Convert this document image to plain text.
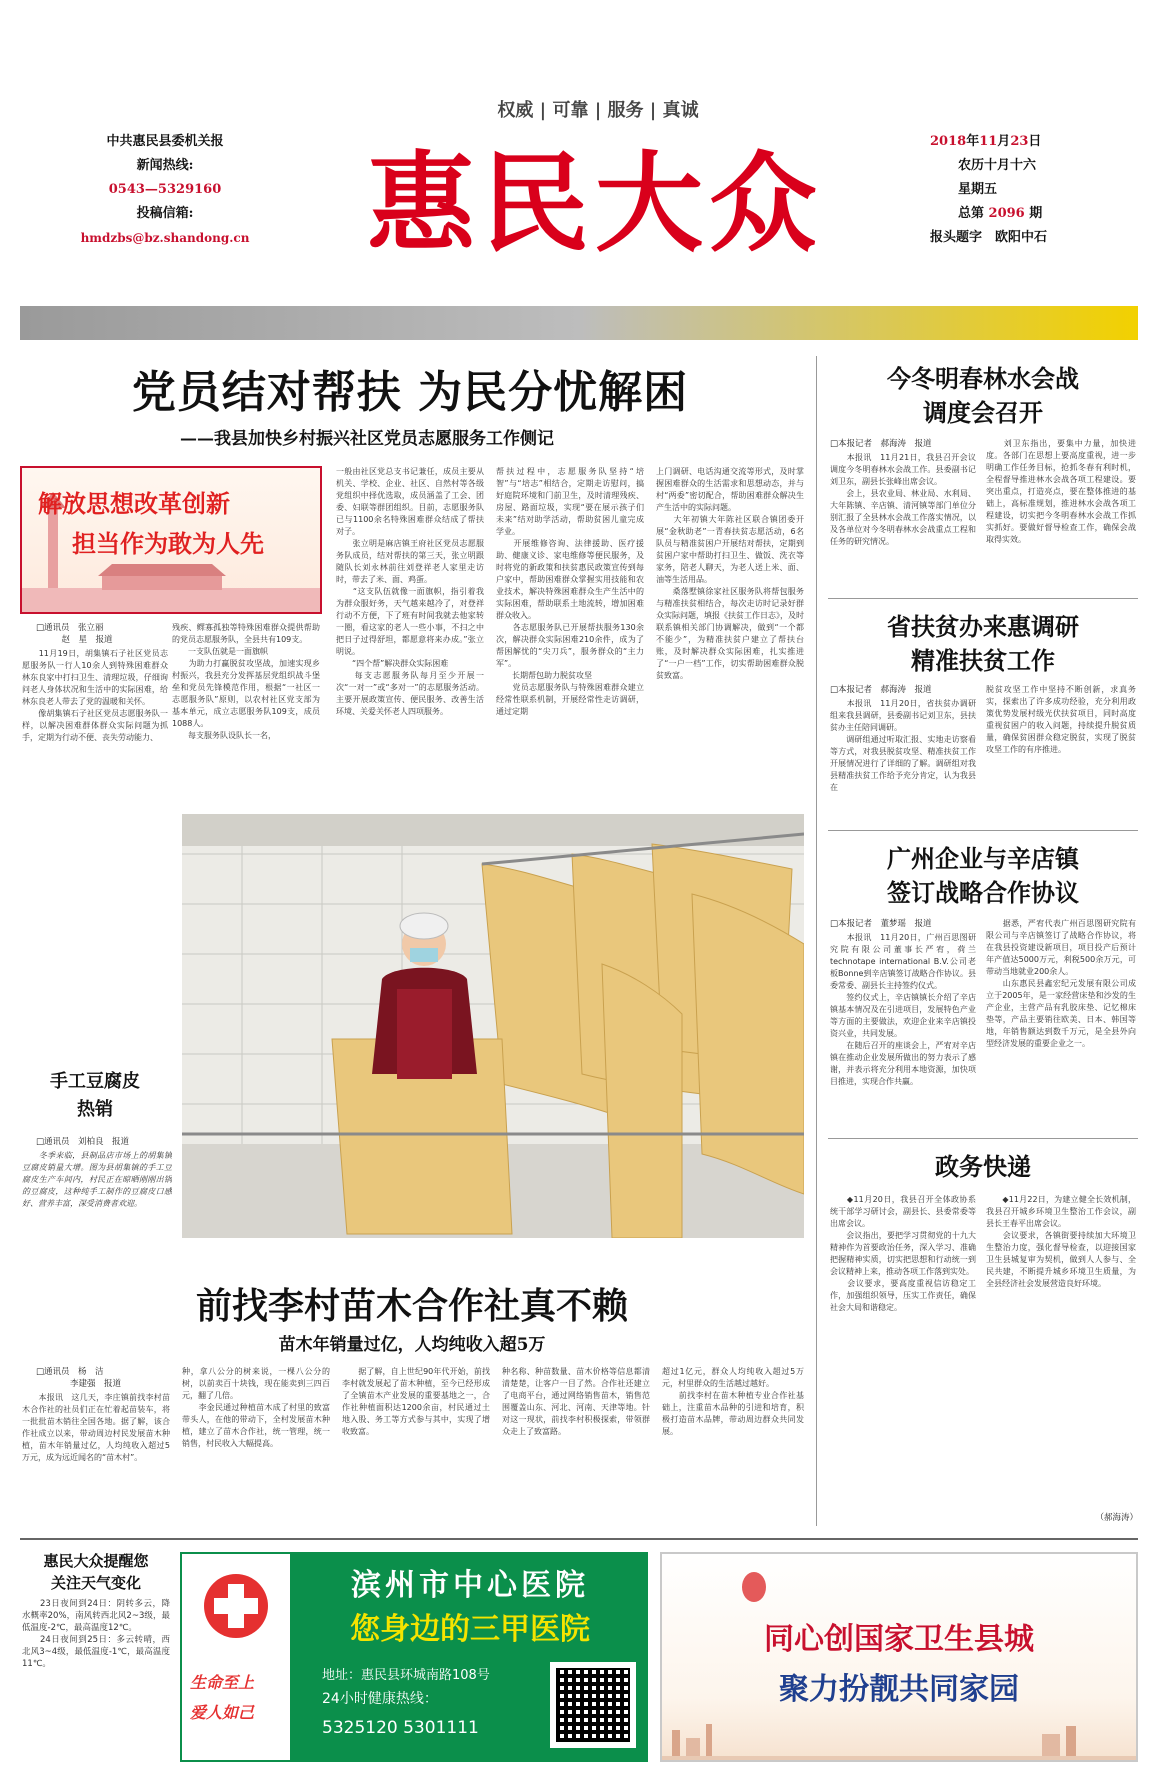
权威 | 可靠 | 服务 | 真诚
中共惠民县委机关报
新闻热线:
0543—5329160
投稿信箱:
hmdzbs@bz.shandong.cn 惠民大众	2018年11月23日
农历十月十六
星期五
总第 2096 期
报头题字　欧阳中石
党员结对帮扶 为民分忧解困
——我县加快乡村振兴社区党员志愿服务工作侧记
解放思想改革创新
担当作为敢为人先
□通讯员　张立丽
　　　赵　星　报道
　　11月19日，胡集镇石子社区党员志愿服务队一行人10余人到特殊困难群众林东良家中打扫卫生、清理垃圾，仔细询问老人身体状况和生活中的实际困难，给林东良老人带去了党的温暖和关怀。
　　像胡集镇石子社区党员志愿服务队一样，以解决困难群体群众实际问题为抓手，定期为行动不便、丧失劳动能力、
残疾、鳏寡孤独等特殊困难群众提供帮助的党员志愿服务队，全县共有109支。
　　一支队伍就是一面旗帜
　　为助力打赢脱贫攻坚战，加速实现乡村振兴，我县充分发挥基层党组织战斗堡垒和党员先锋模范作用，根据“一社区一志愿服务队”原则，以农村社区党支部为基本单元，成立志愿服务队109支，成员1088人。
　　每支服务队设队长一名，
一般由社区党总支书记兼任，成员主要从机关、学校、企业、社区、自然村等各级党组织中择优选取，成员涵盖了工会、团委、妇联等群团组织。目前，志愿服务队已与1100余名特殊困难群众结成了帮扶对子。
　　张立明是麻店镇王府社区党员志愿服务队成员，结对帮扶的第三天，张立明跟随队长刘永林前往刘登祥老人家里走访时，带去了米、面、鸡蛋。
　　“这支队伍就像一面旗帜，指引着我为群众服好务，天气越来越冷了，对登祥行动不方便，下了班有时间我就去他家转一圈，看这家的老人一些小事，不扫之中把日子过得舒坦，都愿意将来办成。”张立明说。
　　“四个帮”解决群众实际困难
　　每支志愿服务队每月至少开展一次“一对一”或“多对一”的志愿服务活动。主要开展政策宣传、便民服务、改善生活环境、关爱关怀老人四项服务。
帮扶过程中，志愿服务队坚持“培智”与“培志”相结合，定期走访慰问，搞好庭院环境和门前卫生，及时清理残疾、房屋、路面垃圾，实现“要在展示孩子们未来”结对助学活动，帮助贫困儿童完成学业。
　　开展维修咨询、法律援助、医疗援助、健康义诊、家电维修等便民服务，及时将党的新政策和扶贫惠民政策宣传到每户家中，帮助困难群众掌握实用技能和农业技术，解决特殊困难群众生产生活中的实际困难，帮助联系土地流转，增加困难群众收入。
　　各志愿服务队已开展帮扶服务130余次，解决群众实际困难210余件，成为了帮困解忧的“尖刀兵”，服务群众的“主力军”。
　　长期帮包助力脱贫攻坚
　　党员志愿服务队与特殊困难群众建立经常性联系机制，开展经常性走访调研，通过定期
上门调研、电话沟通交流等形式，及时掌握困难群众的生活需求和思想动态，并与村“两委”密切配合，帮助困难群众解决生产生活中的实际问题。
　　大年初镇大年陈社区联合镇团委开展“金秋助老”一青春扶贫志愿活动，6名队员与精准贫困户开展结对帮扶，定期到贫困户家中帮助打扫卫生、做饭、洗衣等家务，陪老人聊天，为老人送上米、面、油等生活用品。
　　桑落墅镇徐家社区服务队将帮包服务与精准扶贫相结合，每次走访时记录好群众实际问题，填报《扶贫工作日志》，及时联系镇相关部门协调解决，做到“一个都不能少”，为精准扶贫户建立了帮扶台账，及时解决群众实际困难，扎实推进了“一户一档”工作，切实帮助困难群众脱贫致富。
手工豆腐皮
热销
□通讯员　刘柏良　报道
　　冬季来临，县制品店市场上的胡集镇豆腐皮销量大增。图为县胡集镇的手工豆腐皮生产车间内，村民正在晾晒刚刚出锅的豆腐皮，这种纯手工制作的豆腐皮口感好、营养丰富，深受消费者欢迎。
前找李村苗木合作社真不赖
苗木年销量过亿，人均纯收入超5万
□通讯员　杨　洁
　　　　李建强　报道
　　本报讯　这几天，李庄镇前找李村苗木合作社的社员们正在忙着起苗装车，将一批批苗木销往全国各地。据了解，该合作社成立以来，带动周边村民发展苗木种植，苗木年销量过亿，人均纯收入超过5万元，成为远近闻名的“苗木村”。
种，拿八公分的树来说，一棵八公分的树，以前卖百十块钱，现在能卖到三四百元，翻了几倍。
　　李金民通过种植苗木成了村里的致富带头人，在他的带动下，全村发展苗木种植，建立了苗木合作社，统一管理，统一销售，村民收入大幅提高。
　　据了解，自上世纪90年代开始，前找李村就发展起了苗木种植，至今已经形成了全镇苗木产业发展的重要基地之一，合作社种植面积达1200余亩，村民通过土地入股、务工等方式参与其中，实现了增收致富。
种名称、种苗数量、苗木价格等信息都清清楚楚，让客户一目了然。合作社还建立了电商平台，通过网络销售苗木，销售范围覆盖山东、河北、河南、天津等地。针对这一现状，前找李村积极探索，带领群众走上了致富路。
超过1亿元，群众人均纯收入超过5万元，村里群众的生活越过越好。
　　前找李村在苗木种植专业合作社基础上，注重苗木品种的引进和培育，积极打造苗木品牌，带动周边群众共同发展。
今冬明春林水会战
调度会召开
□本报记者　郝海涛　报道
　　本报讯　11月21日，我县召开会议调度今冬明春林水会战工作。县委副书记刘卫东，副县长张峰出席会议。
　　会上，县农业局、林业局、水利局、大年陈镇、辛店镇、清河镇等部门单位分别汇报了全县林水会战工作落实情况，以及各单位对今冬明春林水会战重点工程和任务的研究情况。
　　刘卫东指出，要集中力量，加快进度。各部门在思想上要高度重视，进一步明确工作任务目标，抢抓冬春有利时机，全程督导推进林水会战各项工程建设。要突出重点，打造亮点，要在整体推进的基础上，高标准规划，推进林水会战各项工程建设，切实把今冬明春林水会战工作抓实抓好。要做好督导检查工作，确保会战取得实效。
省扶贫办来惠调研
精准扶贫工作
□本报记者　郝海涛　报道
　　本报讯　11月20日，省扶贫办调研组来我县调研，县委副书记刘卫东，县扶贫办主任陪同调研。
　　调研组通过听取汇报、实地走访察看等方式，对我县脱贫攻坚、精准扶贫工作开展情况进行了详细的了解。调研组对我县精准扶贫工作给予充分肯定，认为我县在
脱贫攻坚工作中坚持不断创新，求真务实，探索出了许多成功经验，充分利用政策优势发展村级光伏扶贫项目，同时高度重视贫困户的收入问题，持续提升脱贫质量，确保贫困群众稳定脱贫，实现了脱贫攻坚工作的有序推进。
广州企业与辛店镇
签订战略合作协议
□本报记者　董梦瑶　报道
　　本报讯　11月20日，广州百思图研究院有限公司董事长严宥，荷兰technotape international B.V.公司老板Bonne到辛店镇签订战略合作协议。县委常委、副县长主持签约仪式。
　　签约仪式上，辛店镇镇长介绍了辛店镇基本情况及在引进项目，发展特色产业等方面的主要做法，欢迎企业来辛店镇投资兴业，共同发展。
　　在随后召开的座谈会上，严宥对辛店镇在推动企业发展所做出的努力表示了感谢，并表示将充分利用本地资源，加快项目推进，实现合作共赢。
　　据悉，严宥代表广州百思图研究院有限公司与辛店镇签订了战略合作协议，将在我县投资建设新项目，项目投产后预计年产值达5000万元，利税500余万元，可带动当地就业200余人。
　　山东惠民县鑫宏纪元发展有限公司成立于2005年，是一家经营床垫和沙发的生产企业，主营产品有乳胶床垫、记忆棉床垫等，产品主要销往欧美、日本、韩国等地，年销售额达到数千万元，是全县外向型经济发展的重要企业之一。
政务快递
　　◆11月20日，我县召开全体政协系统干部学习研讨会，副县长、县委常委等出席会议。
　　会议指出，要把学习贯彻党的十九大精神作为首要政治任务，深入学习、准确把握精神实质，切实把思想和行动统一到会议精神上来，推动各项工作落到实处。
　　会议要求，要高度重视信访稳定工作，加强组织领导，压实工作责任，确保社会大局和谐稳定。
　　◆11月22日，为建立健全长效机制，我县召开城乡环境卫生整治工作会议，副县长王春平出席会议。
　　会议要求，各镇街要持续加大环境卫生整治力度，强化督导检查，以迎接国家卫生县城复审为契机，做到人人参与、全民共建，不断提升城乡环境卫生质量，为全县经济社会发展营造良好环境。
（郝海涛）
惠民大众提醒您
关注天气变化
　　23日夜间到24日：阴转多云，降水概率20%，南风转西北风2~3级，最低温度-2℃，最高温度12℃。
　　24日夜间到25日：多云转晴，西北风3~4级，最低温度-1℃，最高温度11℃。
生命至上
爱人如己
滨州市中心医院
您身边的三甲医院
地址：惠民县环城南路108号
24小时健康热线：
5325120 5301111
同心创国家卫生县城
聚力扮靓共同家园
